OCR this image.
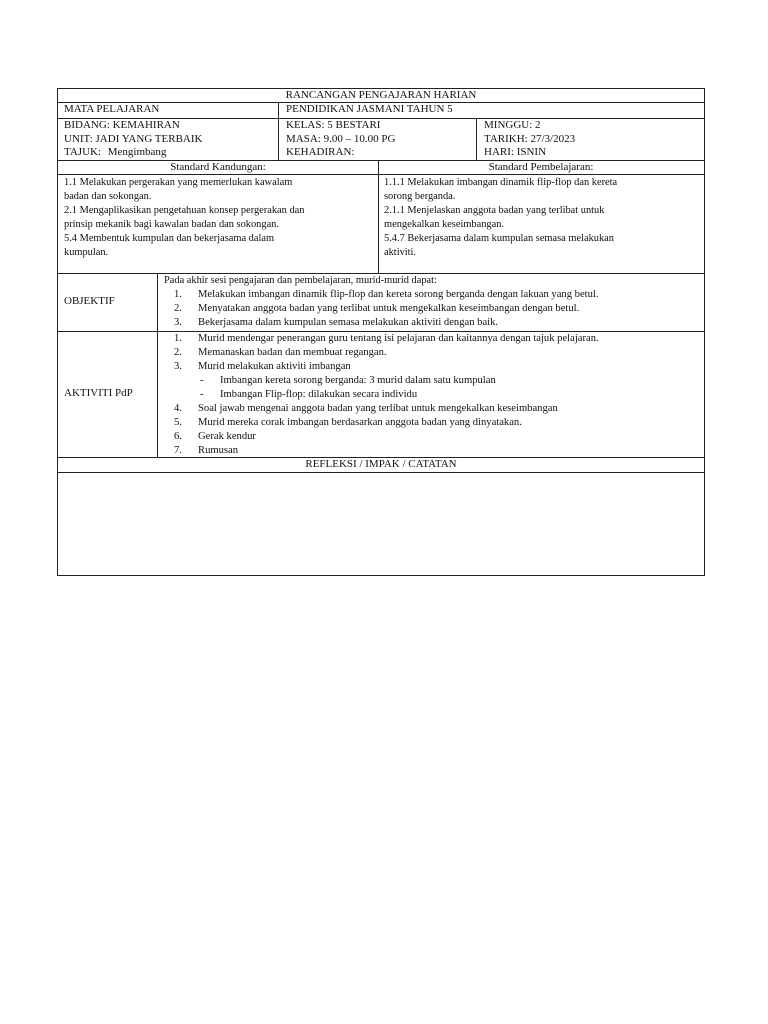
RANCANGAN PENGAJARAN HARIAN
MATA PELAJARAN	PENDIDIKAN JASMANI TAHUN 5
BIDANG: KEMAHIRAN
UNIT: JADI YANG TERBAIK
TAJUK: Mengimbang
KELAS: 5 BESTARI
MASA: 9.00 – 10.00 PG
KEHADIRAN:
MINGGU: 2
TARIKH: 27/3/2023
HARI: ISNIN
Standard Kandungan:	Standard Pembelajaran:
1.1 Melakukan pergerakan yang memerlukan kawalam
badan dan sokongan.
2.1 Mengaplikasikan pengetahuan konsep pergerakan dan
prinsip mekanik bagi kawalan badan dan sokongan.
5.4 Membentuk kumpulan dan bekerjasama dalam
kumpulan.
1.1.1 Melakukan imbangan dinamik flip-flop dan kereta
sorong berganda.
2.1.1 Menjelaskan anggota badan yang terlibat untuk
mengekalkan keseimbangan.
5.4.7 Bekerjasama dalam kumpulan semasa melakukan
aktiviti.
OBJEKTIF
Pada akhir sesi pengajaran dan pembelajaran, murid-murid dapat:
1. Melakukan imbangan dinamik flip-flop dan kereta sorong berganda dengan lakuan yang betul.
2. Menyatakan anggota badan yang terlibat untuk mengekalkan keseimbangan dengan betul.
3. Bekerjasama dalam kumpulan semasa melakukan aktiviti dengan baik.
AKTIVITI PdP
1. Murid mendengar penerangan guru tentang isi pelajaran dan kaitannya dengan tajuk pelajaran.
2. Memanaskan badan dan membuat regangan.
3. Murid melakukan aktiviti imbangan
- Imbangan kereta sorong berganda: 3 murid dalam satu kumpulan
- Imbangan Flip-flop: dilakukan secara individu
4. Soal jawab mengenai anggota badan yang terlibat untuk mengekalkan keseimbangan
5. Murid mereka corak imbangan berdasarkan anggota badan yang dinyatakan.
6. Gerak kendur
7. Rumusan
REFLEKSI / IMPAK / CATATAN
